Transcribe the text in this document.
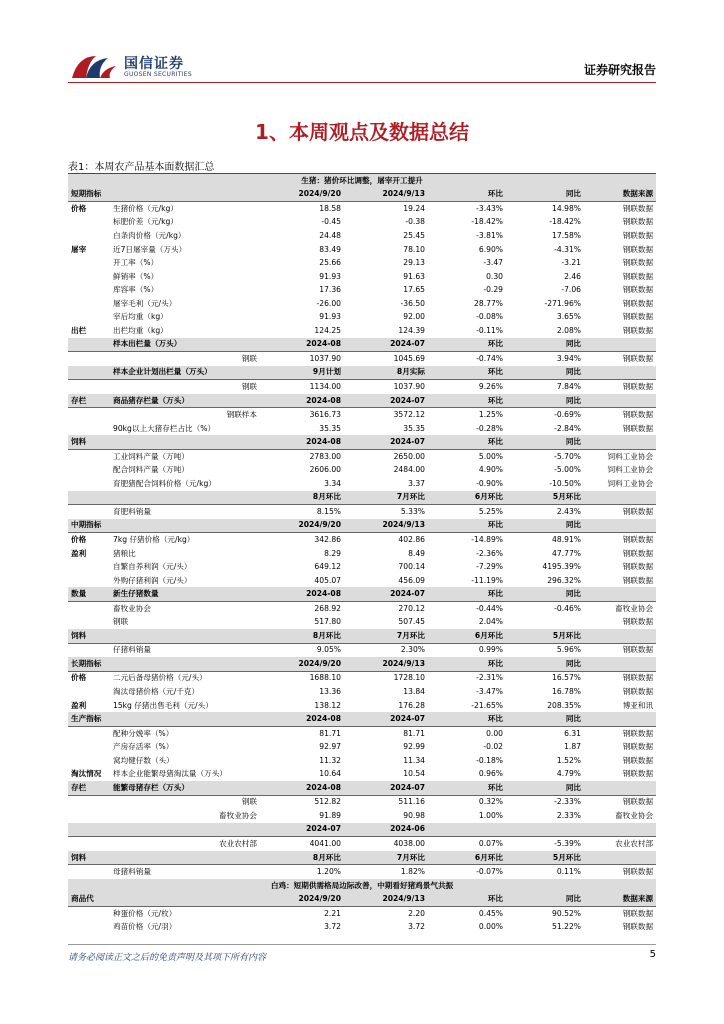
国信证券
GUOSEN SECURITIES	证券研究报告
1、本周观点及数据总结
表1：本周农产品基本面数据汇总
生猪：猪价环比调整，屠宰开工提升						
短期指标		2024/9/20	2024/9/13	环比	同比	数据来源
价格	生猪价格（元/kg）	18.58	19.24	-3.43%	14.98%	钢联数据
	标肥价差（元/kg）	-0.45	-0.38	-18.42%	-18.42%	钢联数据
	白条肉价格（元/kg）	24.48	25.45	-3.81%	17.58%	钢联数据
屠宰	近7日屠宰量（万头）	83.49	78.10	6.90%	-4.31%	钢联数据
	开工率（%）	25.66	29.13	-3.47	-3.21	钢联数据
	鲜销率（%）	91.93	91.63	0.30	2.46	钢联数据
	库容率（%）	17.36	17.65	-0.29	-7.06	钢联数据
	屠宰毛利（元/头）	-26.00	-36.50	28.77%	-271.96%	钢联数据
	宰后均重（kg）	91.93	92.00	-0.08%	3.65%	钢联数据
出栏	出栏均重（kg）	124.25	124.39	-0.11%	2.08%	钢联数据
	样本出栏量（万头）	2024-08	2024-07	环比	同比	
	钢联	1037.90	1045.69	-0.74%	3.94%	钢联数据
	样本企业计划出栏量（万头）	9月计划	8月实际	环比	同比	
	钢联	1134.00	1037.90	9.26%	7.84%	钢联数据
存栏	商品猪存栏量（万头）	2024-08	2024-07	环比	同比	
	钢联样本	3616.73	3572.12	1.25%	-0.69%	钢联数据
	90kg以上大猪存栏占比（%）	35.35	35.35	-0.28%	-2.84%	钢联数据
饲料		2024-08	2024-07	环比	同比	
	工业饲料产量（万吨）	2783.00	2650.00	5.00%	-5.70%	饲料工业协会
	配合饲料产量（万吨）	2606.00	2484.00	4.90%	-5.00%	饲料工业协会
	育肥猪配合饲料价格（元/kg）	3.34	3.37	-0.90%	-10.50%	饲料工业协会
		8月环比	7月环比	6月环比	5月环比	
	育肥料销量	8.15%	5.33%	5.25%	2.43%	钢联数据
中期指标		2024/9/20	2024/9/13	环比	同比	
价格	7kg 仔猪价格（元/kg）	342.86	402.86	-14.89%	48.91%	钢联数据
盈利	猪粮比	8.29	8.49	-2.36%	47.77%	钢联数据
	自繁自养利润（元/头）	649.12	700.14	-7.29%	4195.39%	钢联数据
	外购仔猪利润（元/头）	405.07	456.09	-11.19%	296.32%	钢联数据
数量	新生仔猪数量	2024-08	2024-07	环比	同比	
	畜牧业协会	268.92	270.12	-0.44%	-0.46%	畜牧业协会
	钢联	517.80	507.45	2.04%		钢联数据
饲料		8月环比	7月环比	6月环比	5月环比	
	仔猪料销量	9.05%	2.30%	0.99%	5.96%	钢联数据
长期指标		2024/9/20	2024/9/13	环比	同比	
价格	二元后备母猪价格（元/头）	1688.10	1728.10	-2.31%	16.57%	钢联数据
	淘汰母猪价格（元/千克）	13.36	13.84	-3.47%	16.78%	钢联数据
盈利	15kg 仔猪出售毛利（元/头）	138.12	176.28	-21.65%	208.35%	博亚和讯
生产指标		2024-08	2024-07	环比	同比	
	配种分娩率（%）	81.71	81.71	0.00	6.31	钢联数据
	产房存活率（%）	92.97	92.99	-0.02	1.87	钢联数据
	窝均健仔数（头）	11.32	11.34	-0.18%	1.52%	钢联数据
淘汰情况	样本企业能繁母猪淘汰量（万头）	10.64	10.54	0.96%	4.79%	钢联数据
存栏	能繁母猪存栏（万头）	2024-08	2024-07	环比	同比	
	钢联	512.82	511.16	0.32%	-2.33%	钢联数据
	畜牧业协会	91.89	90.98	1.00%	2.33%	畜牧业协会
		2024-07	2024-06			
	农业农村部	4041.00	4038.00	0.07%	-5.39%	农业农村部
饲料		8月环比	7月环比	6月环比	5月环比	
	母猪料销量	1.20%	1.82%	-0.07%	0.11%	钢联数据
白鸡：短期供需格局边际改善，中期看好猪鸡景气共振						
商品代		2024/9/20	2024/9/13	环比	同比	数据来源
	种蛋价格（元/枚）	2.21	2.20	0.45%	90.52%	钢联数据
	鸡苗价格（元/羽）	3.72	3.72	0.00%	51.22%	钢联数据
请务必阅读正文之后的免责声明及其项下所有内容	5
